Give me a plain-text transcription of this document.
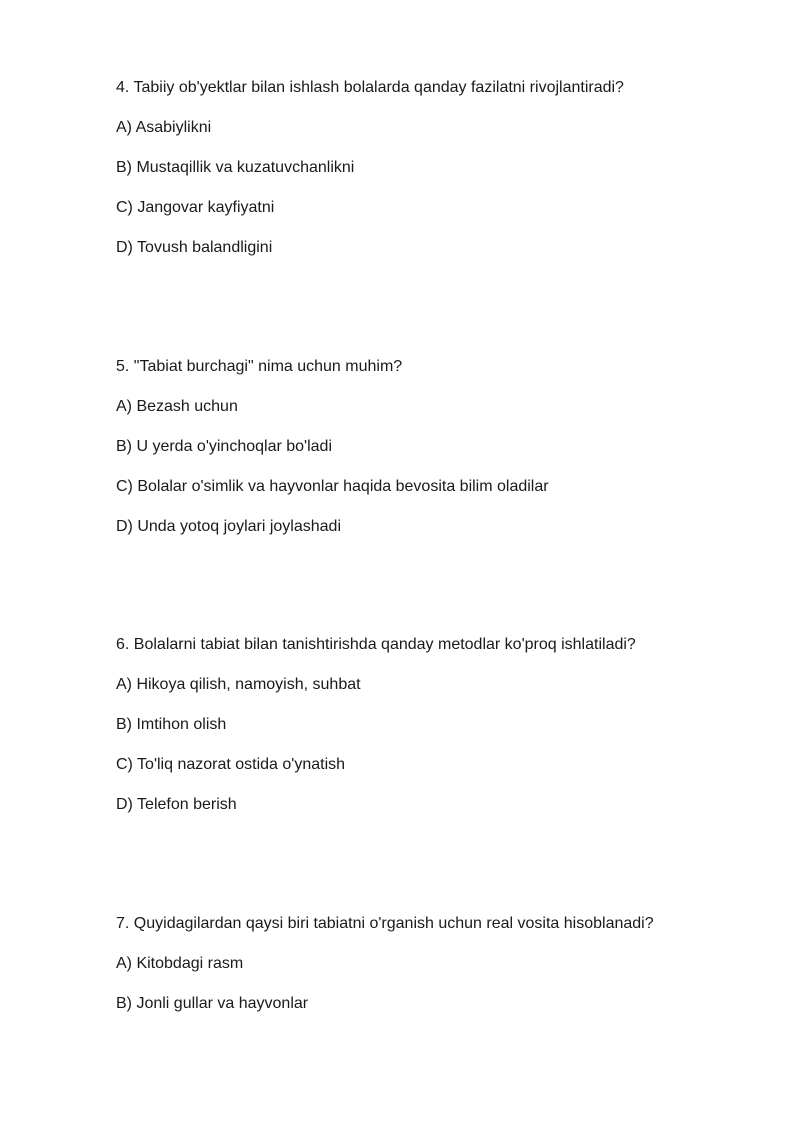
4. Tabiiy ob'yektlar bilan ishlash bolalarda qanday fazilatni rivojlantiradi?
A) Asabiylikni
B) Mustaqillik va kuzatuvchanlikni
C) Jangovar kayfiyatni
D) Tovush balandligini
5. "Tabiat burchagi" nima uchun muhim?
A) Bezash uchun
B) U yerda o'yinchoqlar bo'ladi
C) Bolalar o'simlik va hayvonlar haqida bevosita bilim oladilar
D) Unda yotoq joylari joylashadi
6. Bolalarni tabiat bilan tanishtirishda qanday metodlar ko'proq ishlatiladi?
A) Hikoya qilish, namoyish, suhbat
B) Imtihon olish
C) To'liq nazorat ostida o'ynatish
D) Telefon berish
7. Quyidagilardan qaysi biri tabiatni o'rganish uchun real vosita hisoblanadi?
A) Kitobdagi rasm
B) Jonli gullar va hayvonlar
